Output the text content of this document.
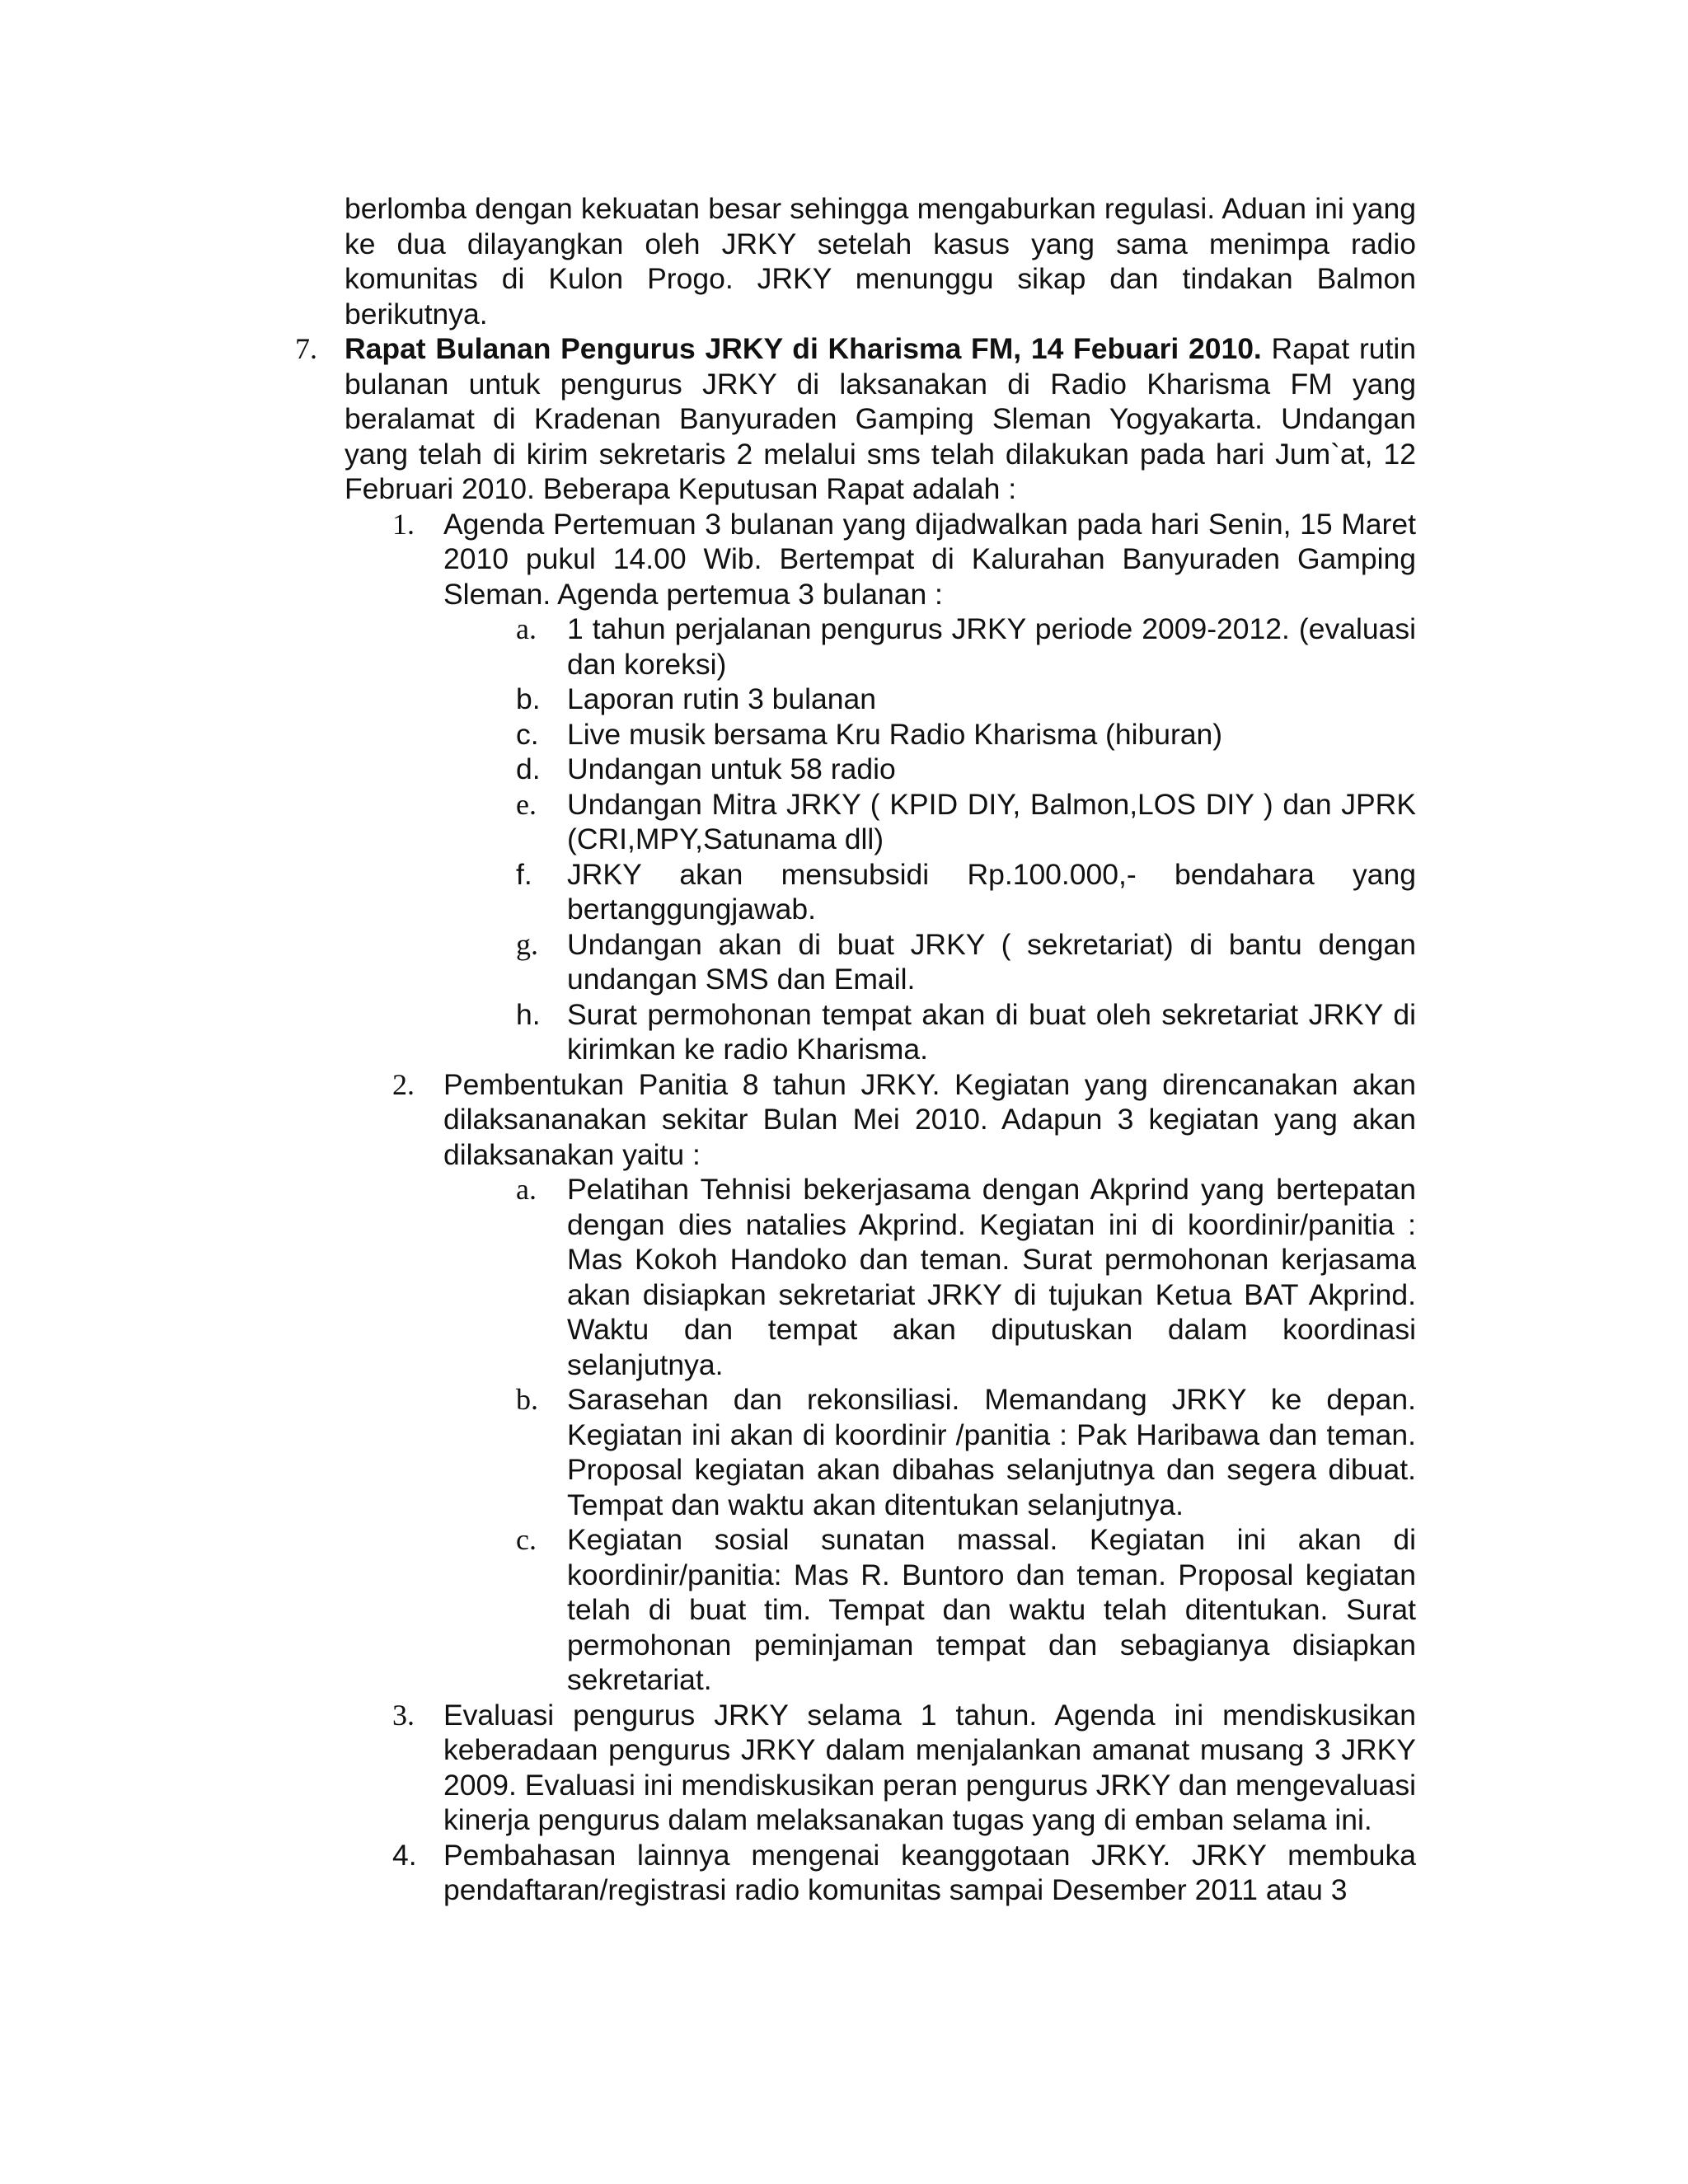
berlomba dengan kekuatan besar sehingga mengaburkan regulasi. Aduan ini yang ke dua dilayangkan oleh JRKY setelah kasus yang sama menimpa radio komunitas di Kulon Progo. JRKY menunggu sikap dan tindakan Balmon berikutnya.

7. Rapat Bulanan Pengurus JRKY di Kharisma FM, 14 Febuari 2010. Rapat rutin bulanan untuk pengurus JRKY di laksanakan di Radio Kharisma FM yang beralamat di Kradenan Banyuraden Gamping Sleman Yogyakarta. Undangan yang telah di kirim sekretaris 2 melalui sms telah dilakukan pada hari Jum`at, 12 Februari 2010. Beberapa Keputusan Rapat adalah :

1. Agenda Pertemuan 3 bulanan yang dijadwalkan pada hari Senin, 15 Maret 2010 pukul 14.00 Wib. Bertempat di Kalurahan Banyuraden Gamping Sleman. Agenda pertemua 3 bulanan :

a. 1 tahun perjalanan pengurus JRKY periode 2009-2012. (evaluasi dan koreksi)

b. Laporan rutin 3 bulanan

c. Live musik bersama Kru Radio Kharisma (hiburan)

d. Undangan untuk 58 radio

e. Undangan Mitra JRKY ( KPID DIY, Balmon,LOS DIY ) dan JPRK (CRI,MPY,Satunama dll)

f. JRKY akan mensubsidi Rp.100.000,- bendahara yang bertanggungjawab.

g. Undangan akan di buat JRKY ( sekretariat) di bantu dengan undangan SMS dan Email.

h. Surat permohonan tempat akan di buat oleh sekretariat JRKY di kirimkan ke radio Kharisma.

2. Pembentukan Panitia 8 tahun JRKY. Kegiatan yang direncanakan akan dilaksananakan sekitar Bulan Mei 2010. Adapun 3 kegiatan yang akan dilaksanakan yaitu :

a. Pelatihan Tehnisi bekerjasama dengan Akprind yang bertepatan dengan dies natalies Akprind. Kegiatan ini di koordinir/panitia : Mas Kokoh Handoko dan teman. Surat permohonan kerjasama akan disiapkan sekretariat JRKY di tujukan Ketua BAT Akprind. Waktu dan tempat akan diputuskan dalam koordinasi selanjutnya.

b. Sarasehan dan rekonsiliasi. Memandang JRKY ke depan. Kegiatan ini akan di koordinir /panitia : Pak Haribawa dan teman. Proposal kegiatan akan dibahas selanjutnya dan segera dibuat. Tempat dan waktu akan ditentukan selanjutnya.

c. Kegiatan sosial sunatan massal. Kegiatan ini akan di koordinir/panitia: Mas R. Buntoro dan teman. Proposal kegiatan telah di buat tim. Tempat dan waktu telah ditentukan. Surat permohonan peminjaman tempat dan sebagianya disiapkan sekretariat.

3. Evaluasi pengurus JRKY selama 1 tahun. Agenda ini mendiskusikan keberadaan pengurus JRKY dalam menjalankan amanat musang 3 JRKY 2009. Evaluasi ini mendiskusikan peran pengurus JRKY dan mengevaluasi kinerja pengurus dalam melaksanakan tugas yang di emban selama ini.

4. Pembahasan lainnya mengenai keanggotaan JRKY. JRKY membuka pendaftaran/registrasi radio komunitas sampai Desember 2011 atau 3
